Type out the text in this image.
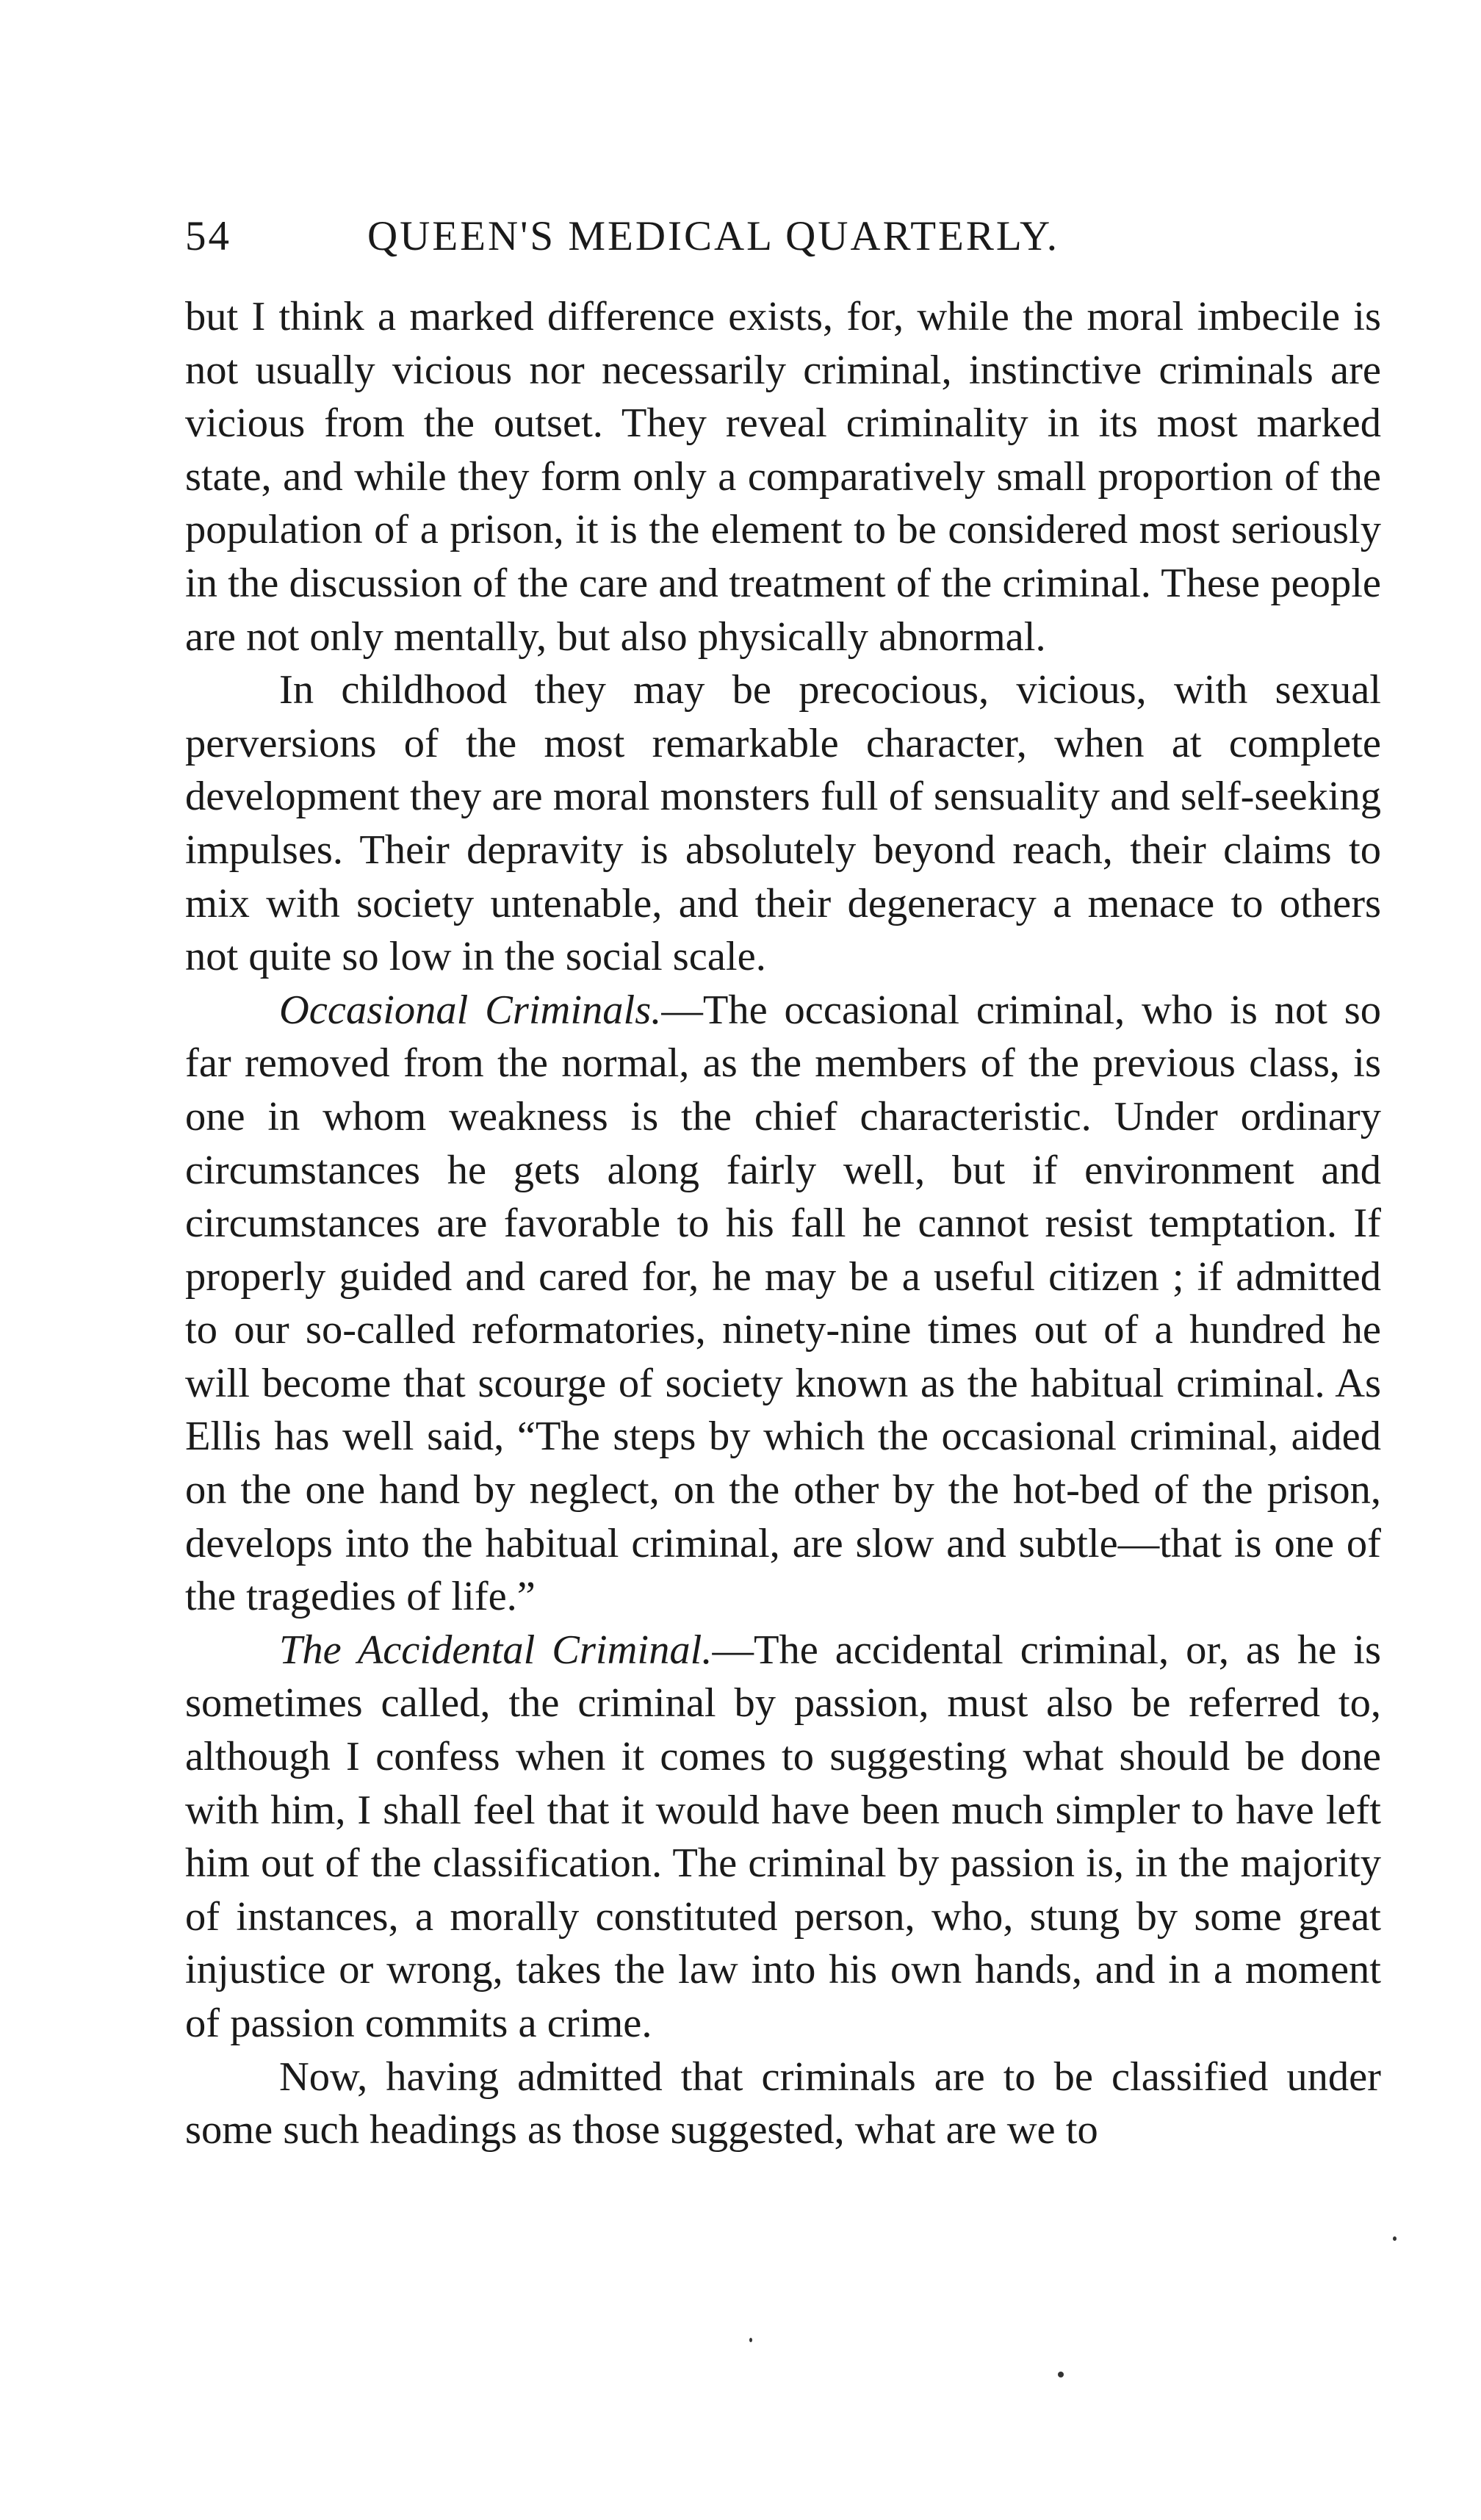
54	QUEEN'S MEDICAL QUARTERLY.

but I think a marked difference exists, for, while the moral imbecile is not usually vicious nor necessarily criminal, instinctive criminals are vicious from the outset. They reveal criminality in its most marked state, and while they form only a comparatively small proportion of the population of a prison, it is the element to be considered most seriously in the discussion of the care and treatment of the criminal. These people are not only mentally, but also physically abnormal.

In childhood they may be precocious, vicious, with sexual perversions of the most remarkable character, when at complete development they are moral monsters full of sensuality and self-seeking impulses. Their depravity is absolutely beyond reach, their claims to mix with society untenable, and their degeneracy a menace to others not quite so low in the social scale.

Occasional Criminals.—The occasional criminal, who is not so far removed from the normal, as the members of the previous class, is one in whom weakness is the chief characteristic. Under ordinary circumstances he gets along fairly well, but if environment and circumstances are favorable to his fall he cannot resist temptation. If properly guided and cared for, he may be a useful citizen ; if admitted to our so-called reformatories, ninety-nine times out of a hundred he will become that scourge of society known as the habitual criminal. As Ellis has well said, “The steps by which the occasional criminal, aided on the one hand by neglect, on the other by the hot-bed of the prison, develops into the habitual criminal, are slow and subtle—that is one of the tragedies of life.”

The Accidental Criminal.—The accidental criminal, or, as he is sometimes called, the criminal by passion, must also be referred to, although I confess when it comes to suggesting what should be done with him, I shall feel that it would have been much simpler to have left him out of the classification. The criminal by passion is, in the majority of instances, a morally constituted person, who, stung by some great injustice or wrong, takes the law into his own hands, and in a moment of passion commits a crime.

Now, having admitted that criminals are to be classified under some such headings as those suggested, what are we to
